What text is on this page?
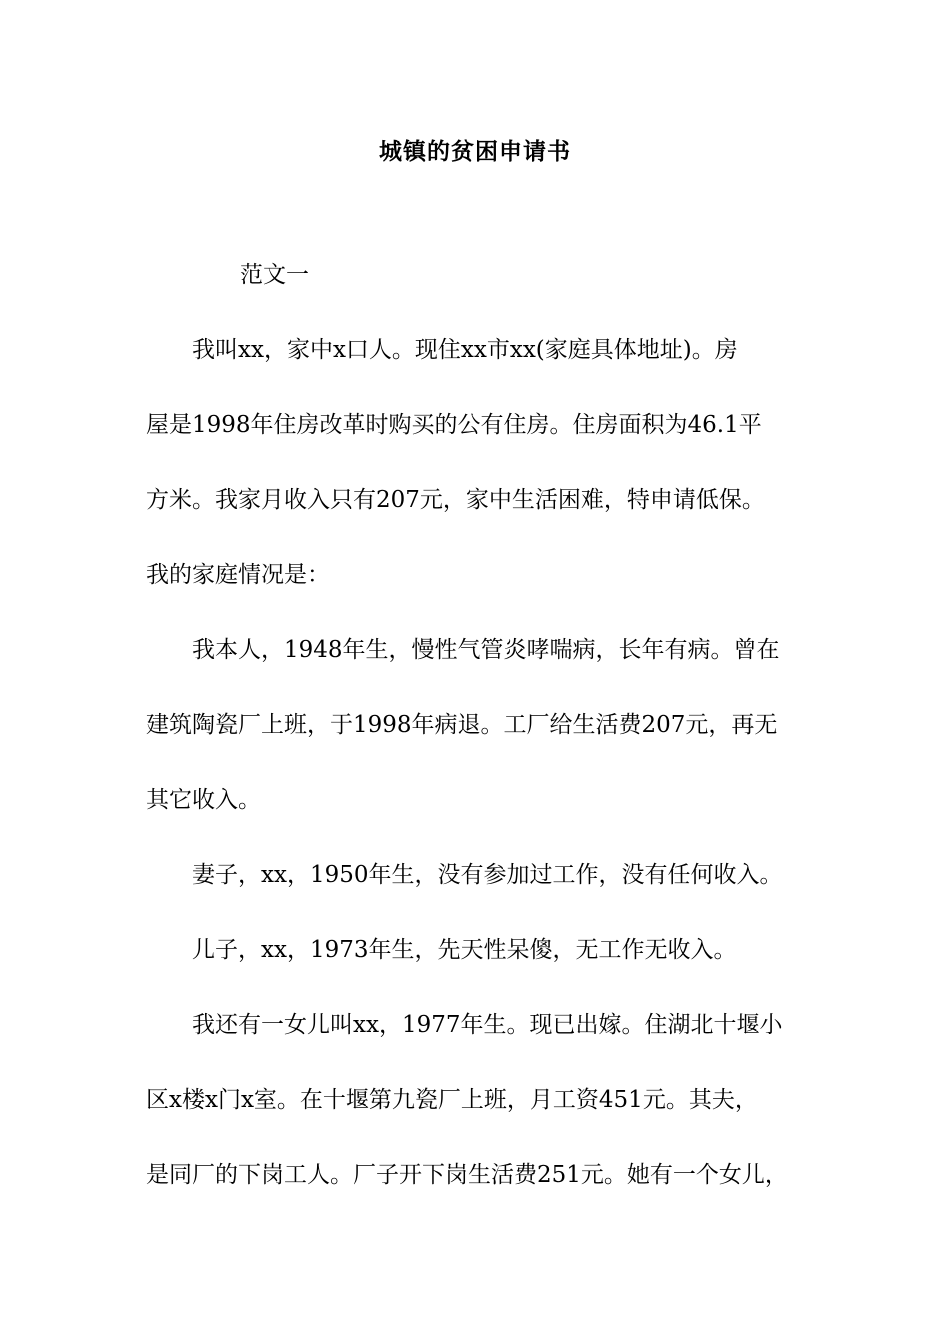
城镇的贫困申请书
范文一
我叫xx，家中x口人。现住xx市xx(家庭具体地址)。房
屋是1998年住房改革时购买的公有住房。住房面积为46.1平
方米。我家月收入只有207元，家中生活困难，特申请低保。
我的家庭情况是：
我本人，1948年生，慢性气管炎哮喘病，长年有病。曾在
建筑陶瓷厂上班，于1998年病退。工厂给生活费207元，再无
其它收入。
妻子，xx，1950年生，没有参加过工作，没有任何收入。
儿子，xx，1973年生，先天性呆傻，无工作无收入。
我还有一女儿叫xx，1977年生。现已出嫁。住湖北十堰小
区x楼x门x室。在十堰第九瓷厂上班，月工资451元。其夫，
是同厂的下岗工人。厂子开下岗生活费251元。她有一个女儿，
